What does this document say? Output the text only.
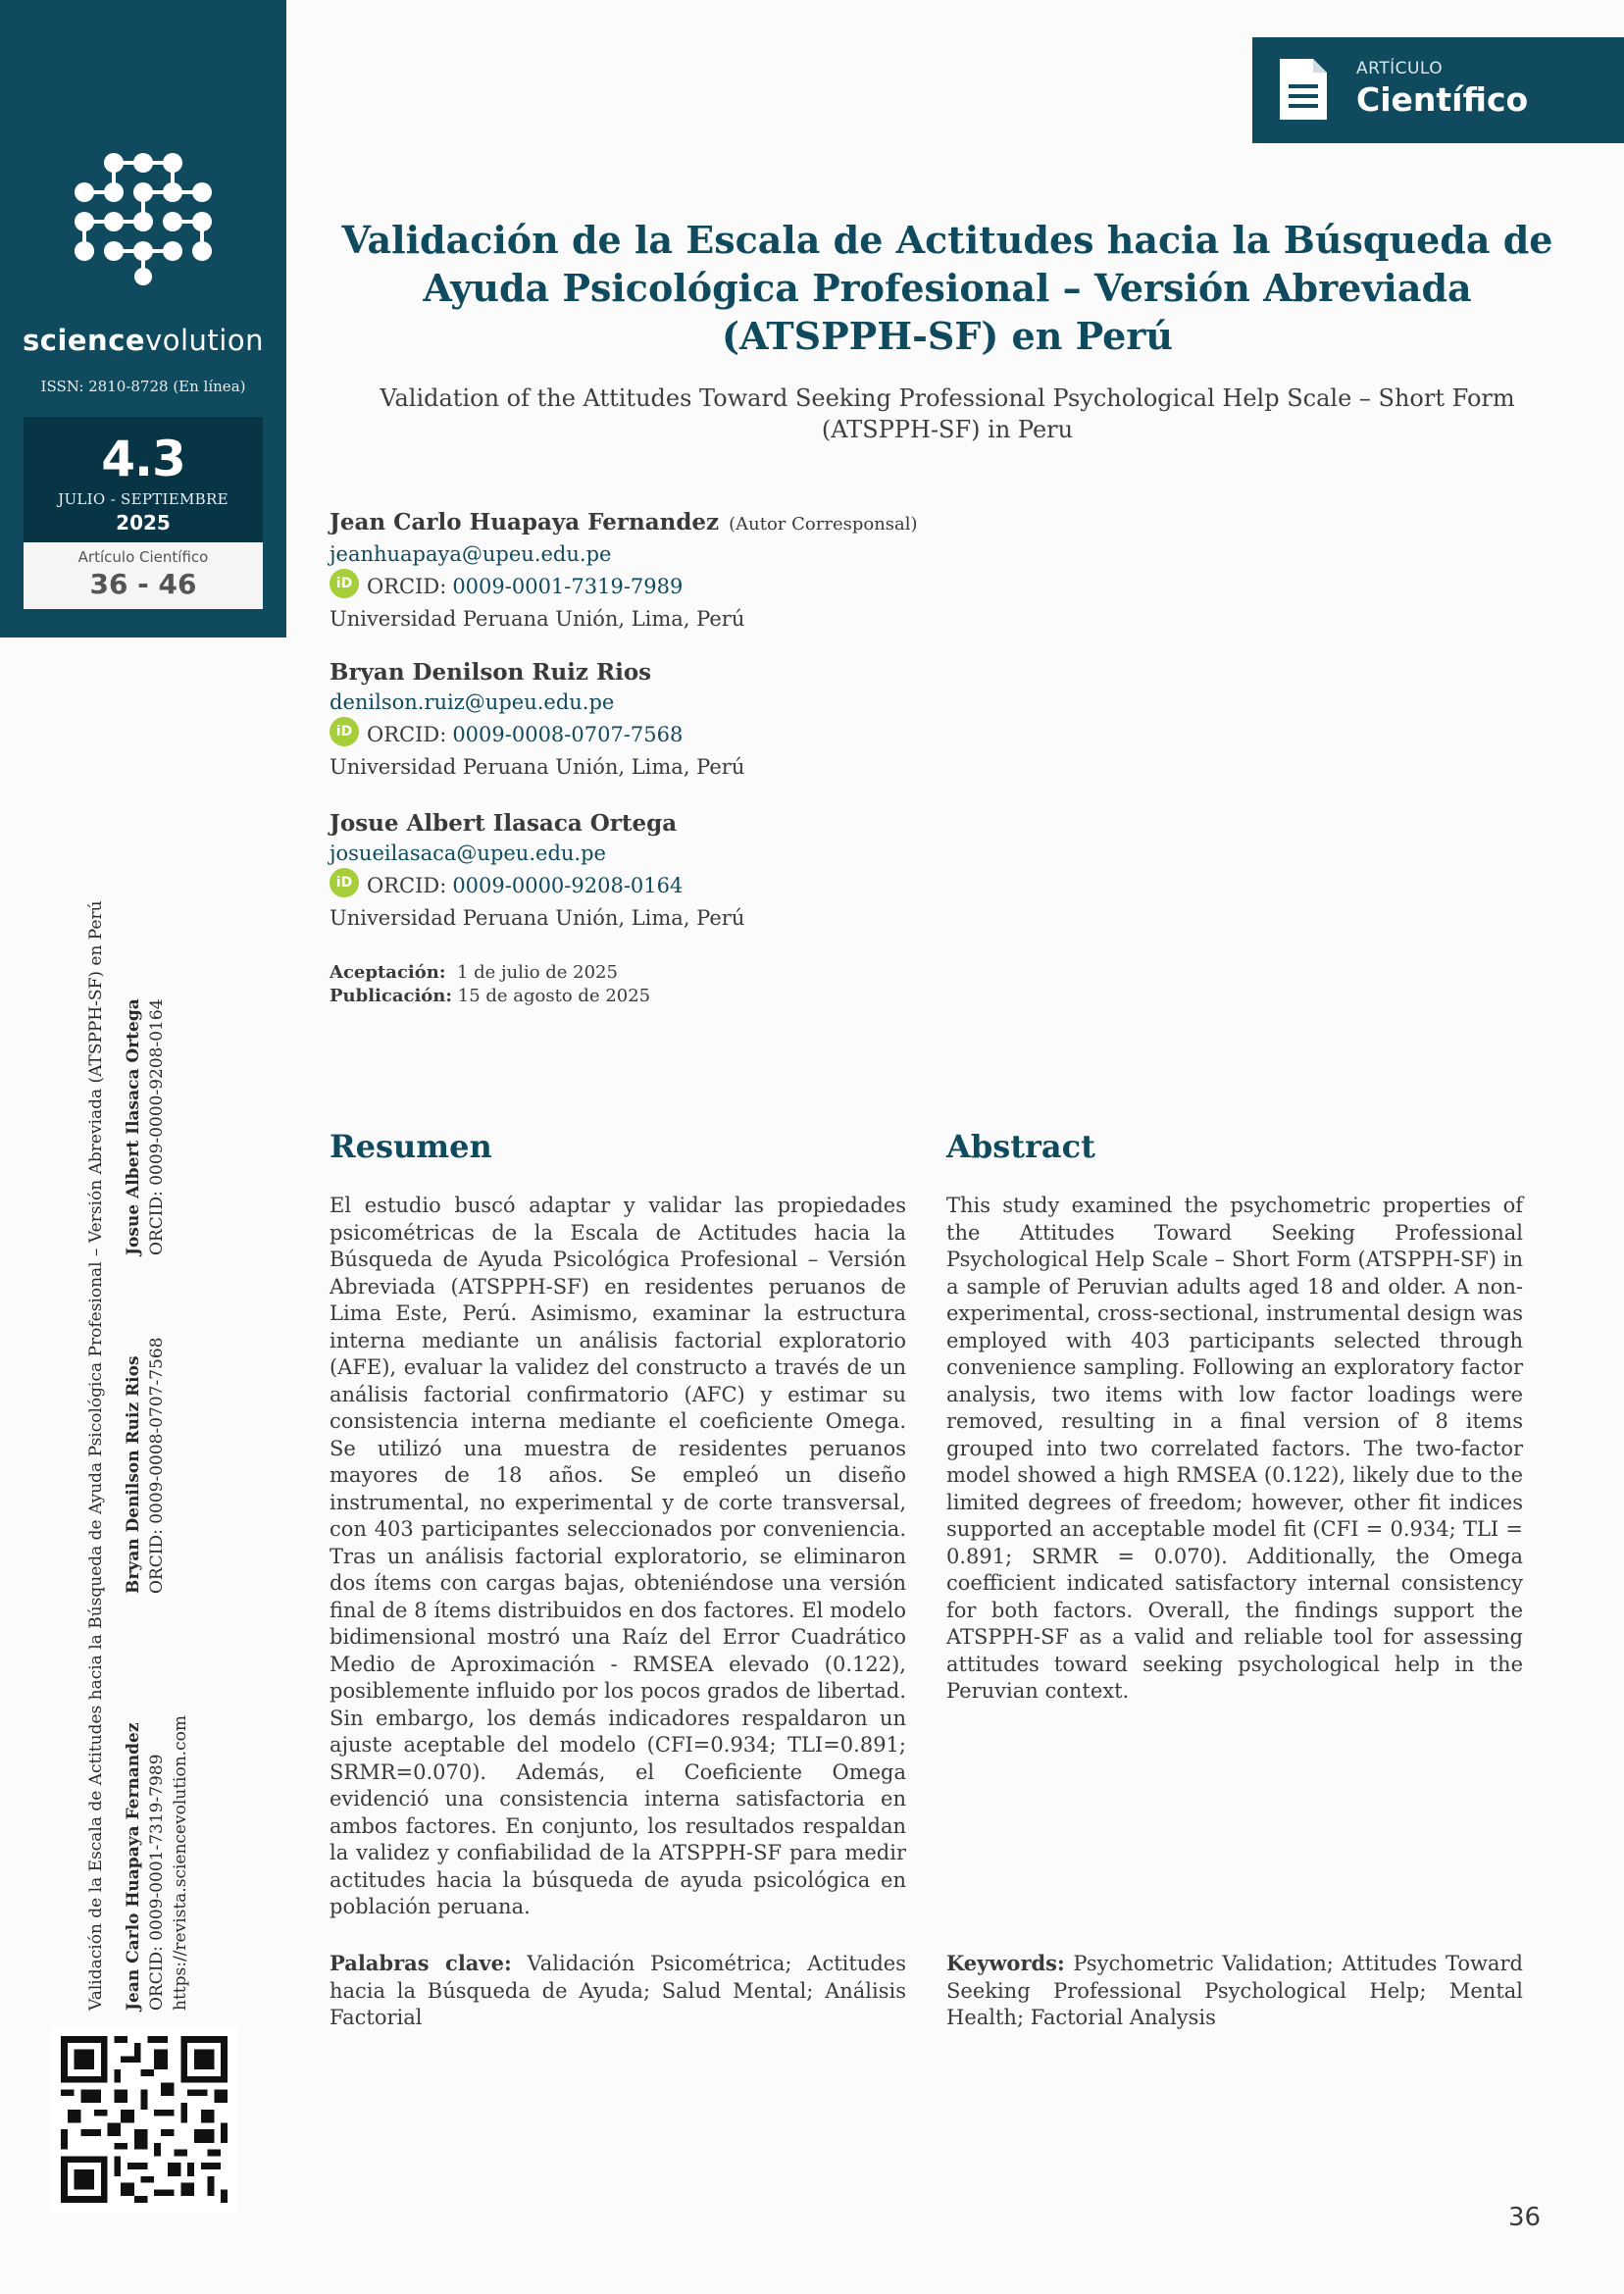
sciencevolution
ISSN: 2810-8728 (En línea)
4.3
JULIO - SEPTIEMBRE
2025
Artículo Científico
36 - 46
Validación de la Escala de Actitudes hacia la Búsqueda de Ayuda Psicológica Profesional – Versión Abreviada (ATSPPH-SF) en Perú Jean Carlo Huapaya Fernandez ORCID: 0009-0001-7319-7989 https://revista.sciencevolution.com
Bryan Denilson Ruiz Rios ORCID: 0009-0008-0707-7568
Josue Albert Ilasaca Ortega ORCID: 0009-0000-9208-0164
ARTÍCULO
Científico
Validación de la Escala de Actitudes hacia la Búsqueda de Ayuda Psicológica Profesional – Versión Abreviada (ATSPPH-SF) en Perú
Validation of the Attitudes Toward Seeking Professional Psychological Help Scale – Short Form (ATSPPH-SF) in Peru
Jean Carlo Huapaya Fernandez (Autor Corresponsal)
jeanhuapaya@upeu.edu.pe
iD ORCID: 0009-0001-7319-7989
Universidad Peruana Unión, Lima, Perú
Bryan Denilson Ruiz Rios
denilson.ruiz@upeu.edu.pe
iD ORCID: 0009-0008-0707-7568
Universidad Peruana Unión, Lima, Perú
Josue Albert Ilasaca Ortega
josueilasaca@upeu.edu.pe
iD ORCID: 0009-0000-9208-0164
Universidad Peruana Unión, Lima, Perú
Aceptación: 1 de julio de 2025
Publicación: 15 de agosto de 2025
Resumen
El estudio buscó adaptar y validar las propiedades psicométricas de la Escala de Actitudes hacia la Búsqueda de Ayuda Psicológica Profesional – Versión Abreviada (ATSPPH-SF) en residentes peruanos de Lima Este, Perú. Asimismo, examinar la estructura interna mediante un análisis factorial exploratorio (AFE), evaluar la validez del constructo a través de un análisis factorial confirmatorio (AFC) y estimar su consistencia interna mediante el coeficiente Omega. Se utilizó una muestra de residentes peruanos mayores de 18 años. Se empleó un diseño instrumental, no experimental y de corte transversal, con 403 participantes seleccionados por conveniencia. Tras un análisis factorial exploratorio, se eliminaron dos ítems con cargas bajas, obteniéndose una versión final de 8 ítems distribuidos en dos factores. El modelo bidimensional mostró una Raíz del Error Cuadrático Medio de Aproximación - RMSEA elevado (0.122), posiblemente influido por los pocos grados de libertad. Sin embargo, los demás indicadores respaldaron un ajuste aceptable del modelo (CFI=0.934; TLI=0.891; SRMR=0.070). Además, el Coeficiente Omega evidenció una consistencia interna satisfactoria en ambos factores. En conjunto, los resultados respaldan la validez y confiabilidad de la ATSPPH-SF para medir actitudes hacia la búsqueda de ayuda psicológica en población peruana.
Palabras clave: Validación Psicométrica; Actitudes hacia la Búsqueda de Ayuda; Salud Mental; Análisis Factorial
Abstract
This study examined the psychometric properties of the Attitudes Toward Seeking Professional Psychological Help Scale – Short Form (ATSPPH-SF) in a sample of Peruvian adults aged 18 and older. A non-experimental, cross-sectional, instrumental design was employed with 403 participants selected through convenience sampling. Following an exploratory factor analysis, two items with low factor loadings were removed, resulting in a final version of 8 items grouped into two correlated factors. The two-factor model showed a high RMSEA (0.122), likely due to the limited degrees of freedom; however, other fit indices supported an acceptable model fit (CFI = 0.934; TLI = 0.891; SRMR = 0.070). Additionally, the Omega coefficient indicated satisfactory internal consistency for both factors. Overall, the findings support the ATSPPH-SF as a valid and reliable tool for assessing attitudes toward seeking psychological help in the Peruvian context.
Keywords: Psychometric Validation; Attitudes Toward Seeking Professional Psychological Help; Mental Health; Factorial Analysis
36
